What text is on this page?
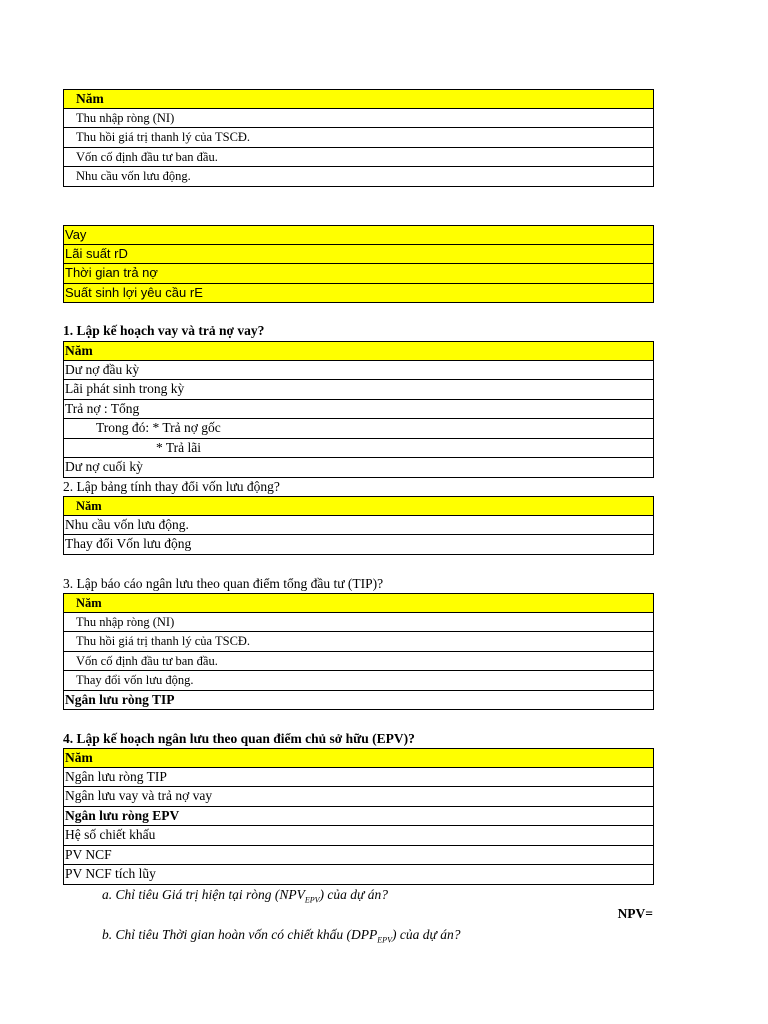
Năm
Thu nhập ròng (NI)
Thu hồi giá trị thanh lý của TSCĐ.
Vốn cố định đầu tư ban đầu.
Nhu cầu vốn lưu động.
Vay
Lãi suất rD
Thời gian trả nợ
Suất sinh lợi yêu cầu rE
1. Lập kế hoạch vay và trả nợ vay?
Năm
Dư nợ đầu kỳ
Lãi phát sinh trong kỳ
Trả nợ : Tổng
Trong đó: * Trả nợ gốc
* Trả lãi
Dư nợ cuối kỳ
2. Lập bảng tính thay đổi vốn lưu động?
Năm
Nhu cầu vốn lưu động.
Thay đổi Vốn lưu động
3. Lập báo cáo ngân lưu theo quan điểm tổng đầu tư (TIP)?
Năm
Thu nhập ròng (NI)
Thu hồi giá trị thanh lý của TSCĐ.
Vốn cố định đầu tư ban đầu.
Thay đổi vốn lưu động.
Ngân lưu ròng TIP
4. Lập kế hoạch ngân lưu theo quan điểm chủ sở hữu (EPV)?
Năm
Ngân lưu ròng TIP
Ngân lưu vay và trả nợ vay
Ngân lưu ròng EPV
Hệ số chiết khấu
PV NCF
PV NCF tích lũy
a. Chỉ tiêu Giá trị hiện tại ròng $(NPV_{EPV})$ của dự án?
NPV=
b. Chỉ tiêu Thời gian hoàn vốn có chiết khấu $(DPP_{EPV})$ của dự án?
